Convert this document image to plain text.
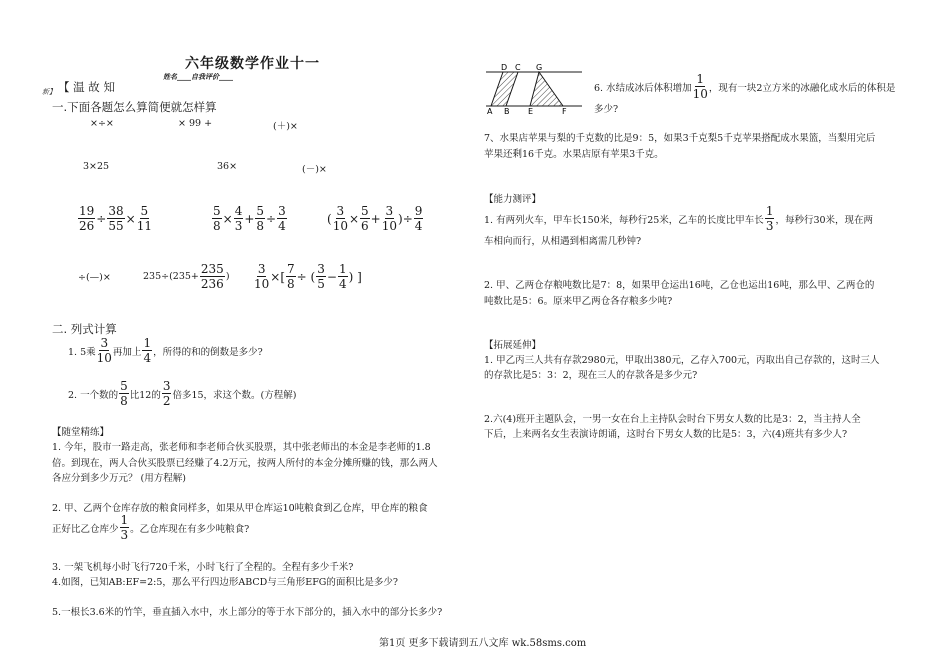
六年级数学作业十一
姓名____自我评价____
【 温 故 知
新】
一.下面各题怎么算简便就怎样算
×÷×	× 99 +	(＋)×
3×25	36×	(－)×
$\frac{19}{26} \div \frac{38}{55} \times \frac{5}{11}$	$\frac{5}{8} \times \frac{4}{3} + \frac{5}{8} \div \frac{3}{4}$	( $\frac{3}{10} \times \frac{5}{6} + \frac{3}{10}$ ) ÷ $\frac{9}{4}$
÷(—)×	$235\div(235+ \frac{235}{236}$ ) $\frac{3}{10}$ ×[ $\frac{7}{8}$ ÷ ( $\frac{3}{5} - \frac{1}{4}$ ) ]
二. 列式计算
1. 5乘 $\frac{3}{10}$ 再加上 $\frac{1}{4}$ ，所得的和的倒数是多少?
2. 一个数的 $\frac{5}{8}$ 比12的 $\frac{3}{2}$ 倍多15，求这个数。(方程解)
【随堂精练】
1. 今年，股市一路走高，张老师和李老师合伙买股票，其中张老师出的本金是李老师的1.8
倍。到现在，两人合伙买股票已经赚了4.2万元，按两人所付的本金分摊所赚的钱，那么两人
各应分到多少万元？ (用方程解)
2. 甲、乙两个仓库存放的粮食同样多，如果从甲仓库运10吨粮食到乙仓库，甲仓库的粮食
正好比乙仓库少 $\frac{1}{3}$ 。乙仓库现在有多少吨粮食?
3. 一架飞机每小时飞行720千米，小时飞行了全程的。全程有多少千米?
4.如图，已知AB:EF=2:5，那么平行四边形ABCD与三角形EFG的面积比是多少?
5.一根长3.6米的竹竿，垂直插入水中，水上部分的等于水下部分的，插入水中的部分长多少?
D C G
A B E	F
6. 水结成冰后体积增加 $\frac{1}{10}$ ，现有一块2立方米的冰融化成水后的体积是
多少?
7、水果店苹果与梨的千克数的比是9：5，如果3千克梨5千克苹果搭配成水果篮，当梨用完后
苹果还剩16千克。水果店原有苹果3千克。
【能力测评】
1. 有两列火车，甲车长150米，每秒行25米，乙车的长度比甲车长 $\frac{1}{3}$ ，每秒行30米，现在两
车相向而行，从相遇到相离需几秒钟?
2. 甲、乙两仓存粮吨数比是7：8，如果甲仓运出16吨，乙仓也运出16吨，那么甲、乙两仓的
吨数比是5：6。原来甲乙两仓各存粮多少吨?
【拓展延伸】
1. 甲乙丙三人共有存款2980元，甲取出380元，乙存入700元，丙取出自己存款的，这时三人
的存款比是5：3：2，现在三人的存款各是多少元?
2.六(4)班开主题队会，一男一女在台上主持队会时台下男女人数的比是3：2，当主持人全
下后，上来两名女生表演诗朗诵，这时台下男女人数的比是5：3，六(4)班共有多少人?
第1页 更多下载请到五八文库 wk.58sms.com
